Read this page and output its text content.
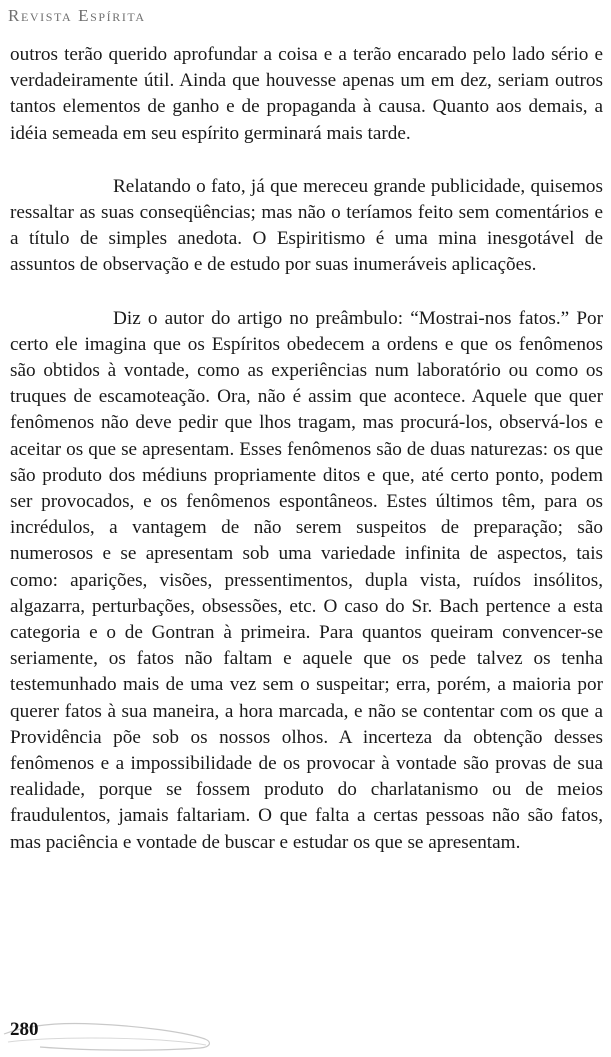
Revista Espírita

outros terão querido aprofundar a coisa e a terão encarado pelo lado sério e verdadeiramente útil. Ainda que houvesse apenas um em dez, seriam outros tantos elementos de ganho e de propaganda à causa. Quanto aos demais, a idéia semeada em seu espírito germinará mais tarde.

Relatando o fato, já que mereceu grande publicidade, quisemos ressaltar as suas conseqüências; mas não o teríamos feito sem comentários e a título de simples anedota. O Espiritismo é uma mina inesgotável de assuntos de observação e de estudo por suas inumeráveis aplicações.

Diz o autor do artigo no preâmbulo: “Mostrai-nos fatos.” Por certo ele imagina que os Espíritos obedecem a ordens e que os fenômenos são obtidos à vontade, como as experiências num laboratório ou como os truques de escamoteação. Ora, não é assim que acontece. Aquele que quer fenômenos não deve pedir que lhos tragam, mas procurá-los, observá-los e aceitar os que se apresentam. Esses fenômenos são de duas naturezas: os que são produto dos médiuns propriamente ditos e que, até certo ponto, podem ser provocados, e os fenômenos espontâneos. Estes últimos têm, para os incrédulos, a vantagem de não serem suspeitos de preparação; são numerosos e se apresentam sob uma variedade infinita de aspectos, tais como: aparições, visões, pressentimentos, dupla vista, ruídos insólitos, algazarra, perturbações, obsessões, etc. O caso do Sr. Bach pertence a esta categoria e o de Gontran à primeira. Para quantos queiram convencer-se seriamente, os fatos não faltam e aquele que os pede talvez os tenha testemunhado mais de uma vez sem o suspeitar; erra, porém, a maioria por querer fatos à sua maneira, a hora marcada, e não se contentar com os que a Providência põe sob os nossos olhos. A incerteza da obtenção desses fenômenos e a impossibilidade de os provocar à vontade são provas de sua realidade, porque se fossem produto do charlatanismo ou de meios fraudulentos, jamais faltariam. O que falta a certas pessoas não são fatos, mas paciência e vontade de buscar e estudar os que se apresentam.

280
